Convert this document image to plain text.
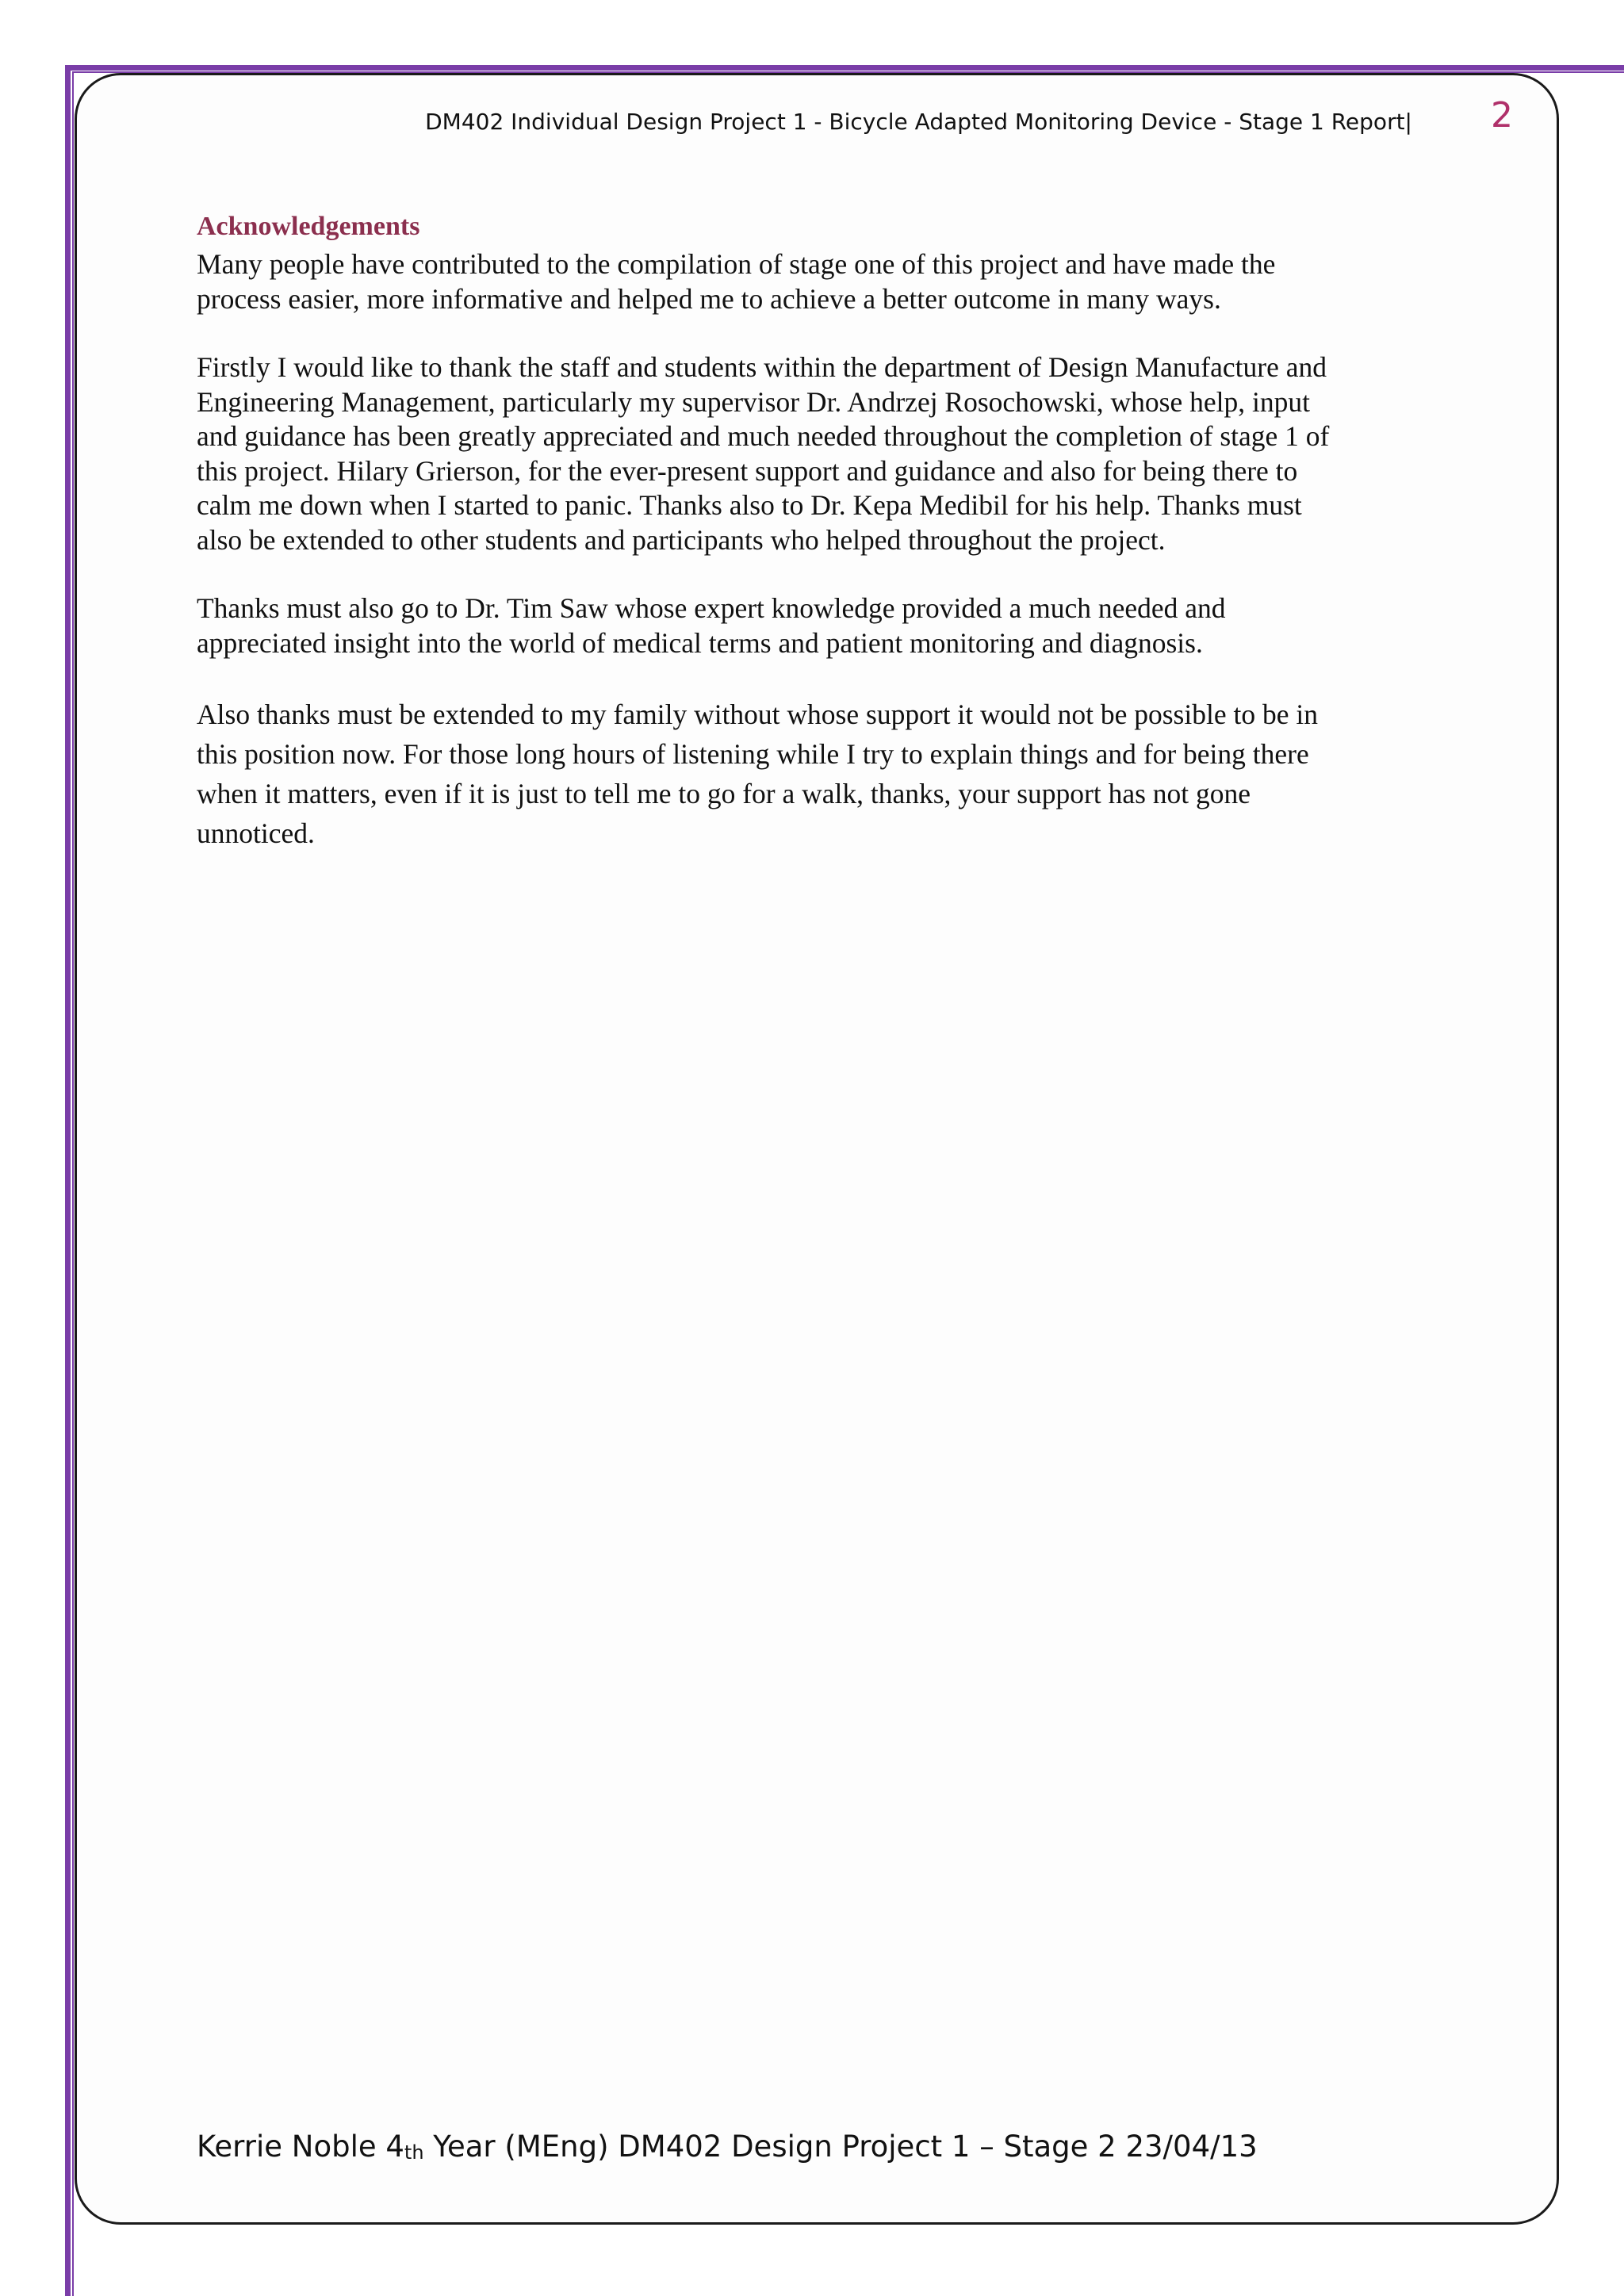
DM402 Individual Design Project 1 - Bicycle Adapted Monitoring Device - Stage 1 Report| 2
Acknowledgements

Many people have contributed to the compilation of stage one of this project and have made the
process easier, more informative and helped me to achieve a better outcome in many ways.

Firstly I would like to thank the staff and students within the department of Design Manufacture and
Engineering Management, particularly my supervisor Dr. Andrzej Rosochowski, whose help, input
and guidance has been greatly appreciated and much needed throughout the completion of stage 1 of
this project. Hilary Grierson, for the ever-present support and guidance and also for being there to
calm me down when I started to panic. Thanks also to Dr. Kepa Medibil for his help. Thanks must
also be extended to other students and participants who helped throughout the project.

Thanks must also go to Dr. Tim Saw whose expert knowledge provided a much needed and
appreciated insight into the world of medical terms and patient monitoring and diagnosis.

Also thanks must be extended to my family without whose support it would not be possible to be in
this position now. For those long hours of listening while I try to explain things and for being there
when it matters, even if it is just to tell me to go for a walk, thanks, your support has not gone
unnoticed.

Kerrie Noble $4_{th}$ Year (MEng) DM402 Design Project 1 – Stage 2 23/04/13
